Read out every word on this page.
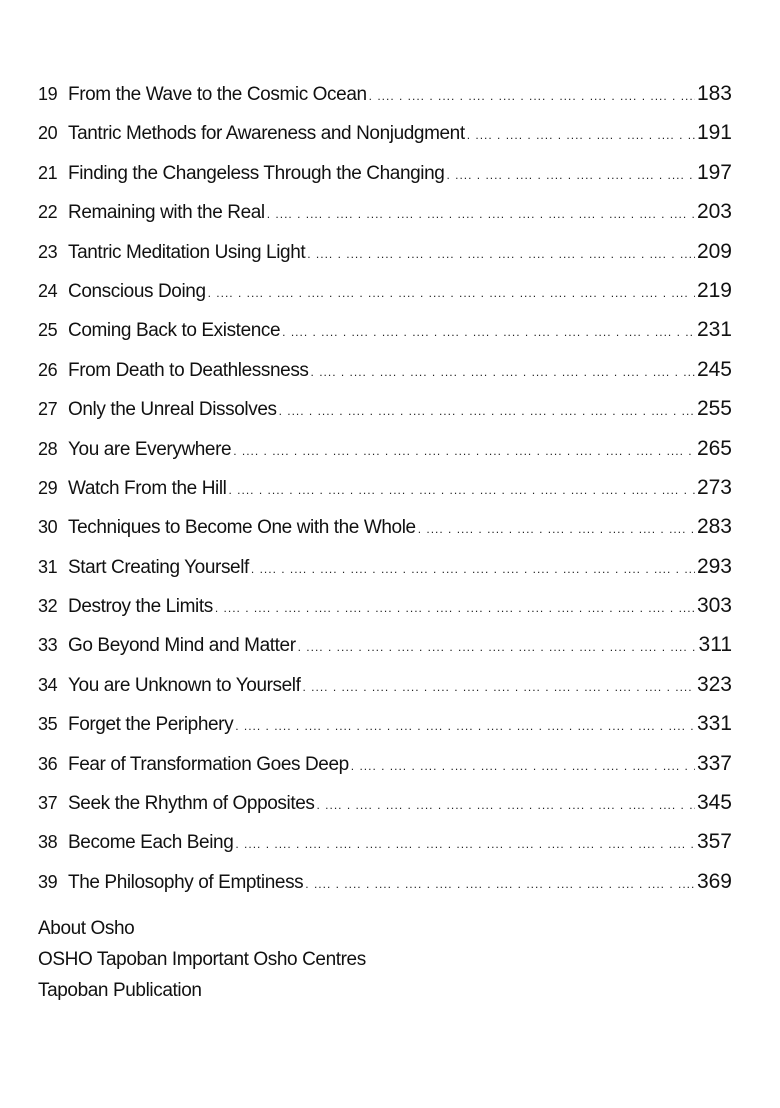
19 From the Wave to the Cosmic Ocean . ...	183
20 Tantric Methods for Awareness and Nonjudgment . ...	191
21 Finding the Changeless Through the Changing . ...	197
22 Remaining with the Real . ...	203
23 Tantric Meditation Using Light . ...	209
24 Conscious Doing . ...	219
25 Coming Back to Existence . ...	231
26 From Death to Deathlessness . ...	245
27 Only the Unreal Dissolves . ...	255
28 You are Everywhere . ...	265
29 Watch From the Hill . ...	273
30 Techniques to Become One with the Whole . ...	283
31 Start Creating Yourself . ...	293
32 Destroy the Limits . ...	303
33 Go Beyond Mind and Matter . ...	311
34 You are Unknown to Yourself . ...	323
35 Forget the Periphery . ...	331
36 Fear of Transformation Goes Deep . ...	337
37 Seek the Rhythm of Opposites . ...	345
38 Become Each Being . ...	357
39 The Philosophy of Emptiness . ...	369
About Osho
OSHO Tapoban Important Osho Centres
Tapoban Publication
